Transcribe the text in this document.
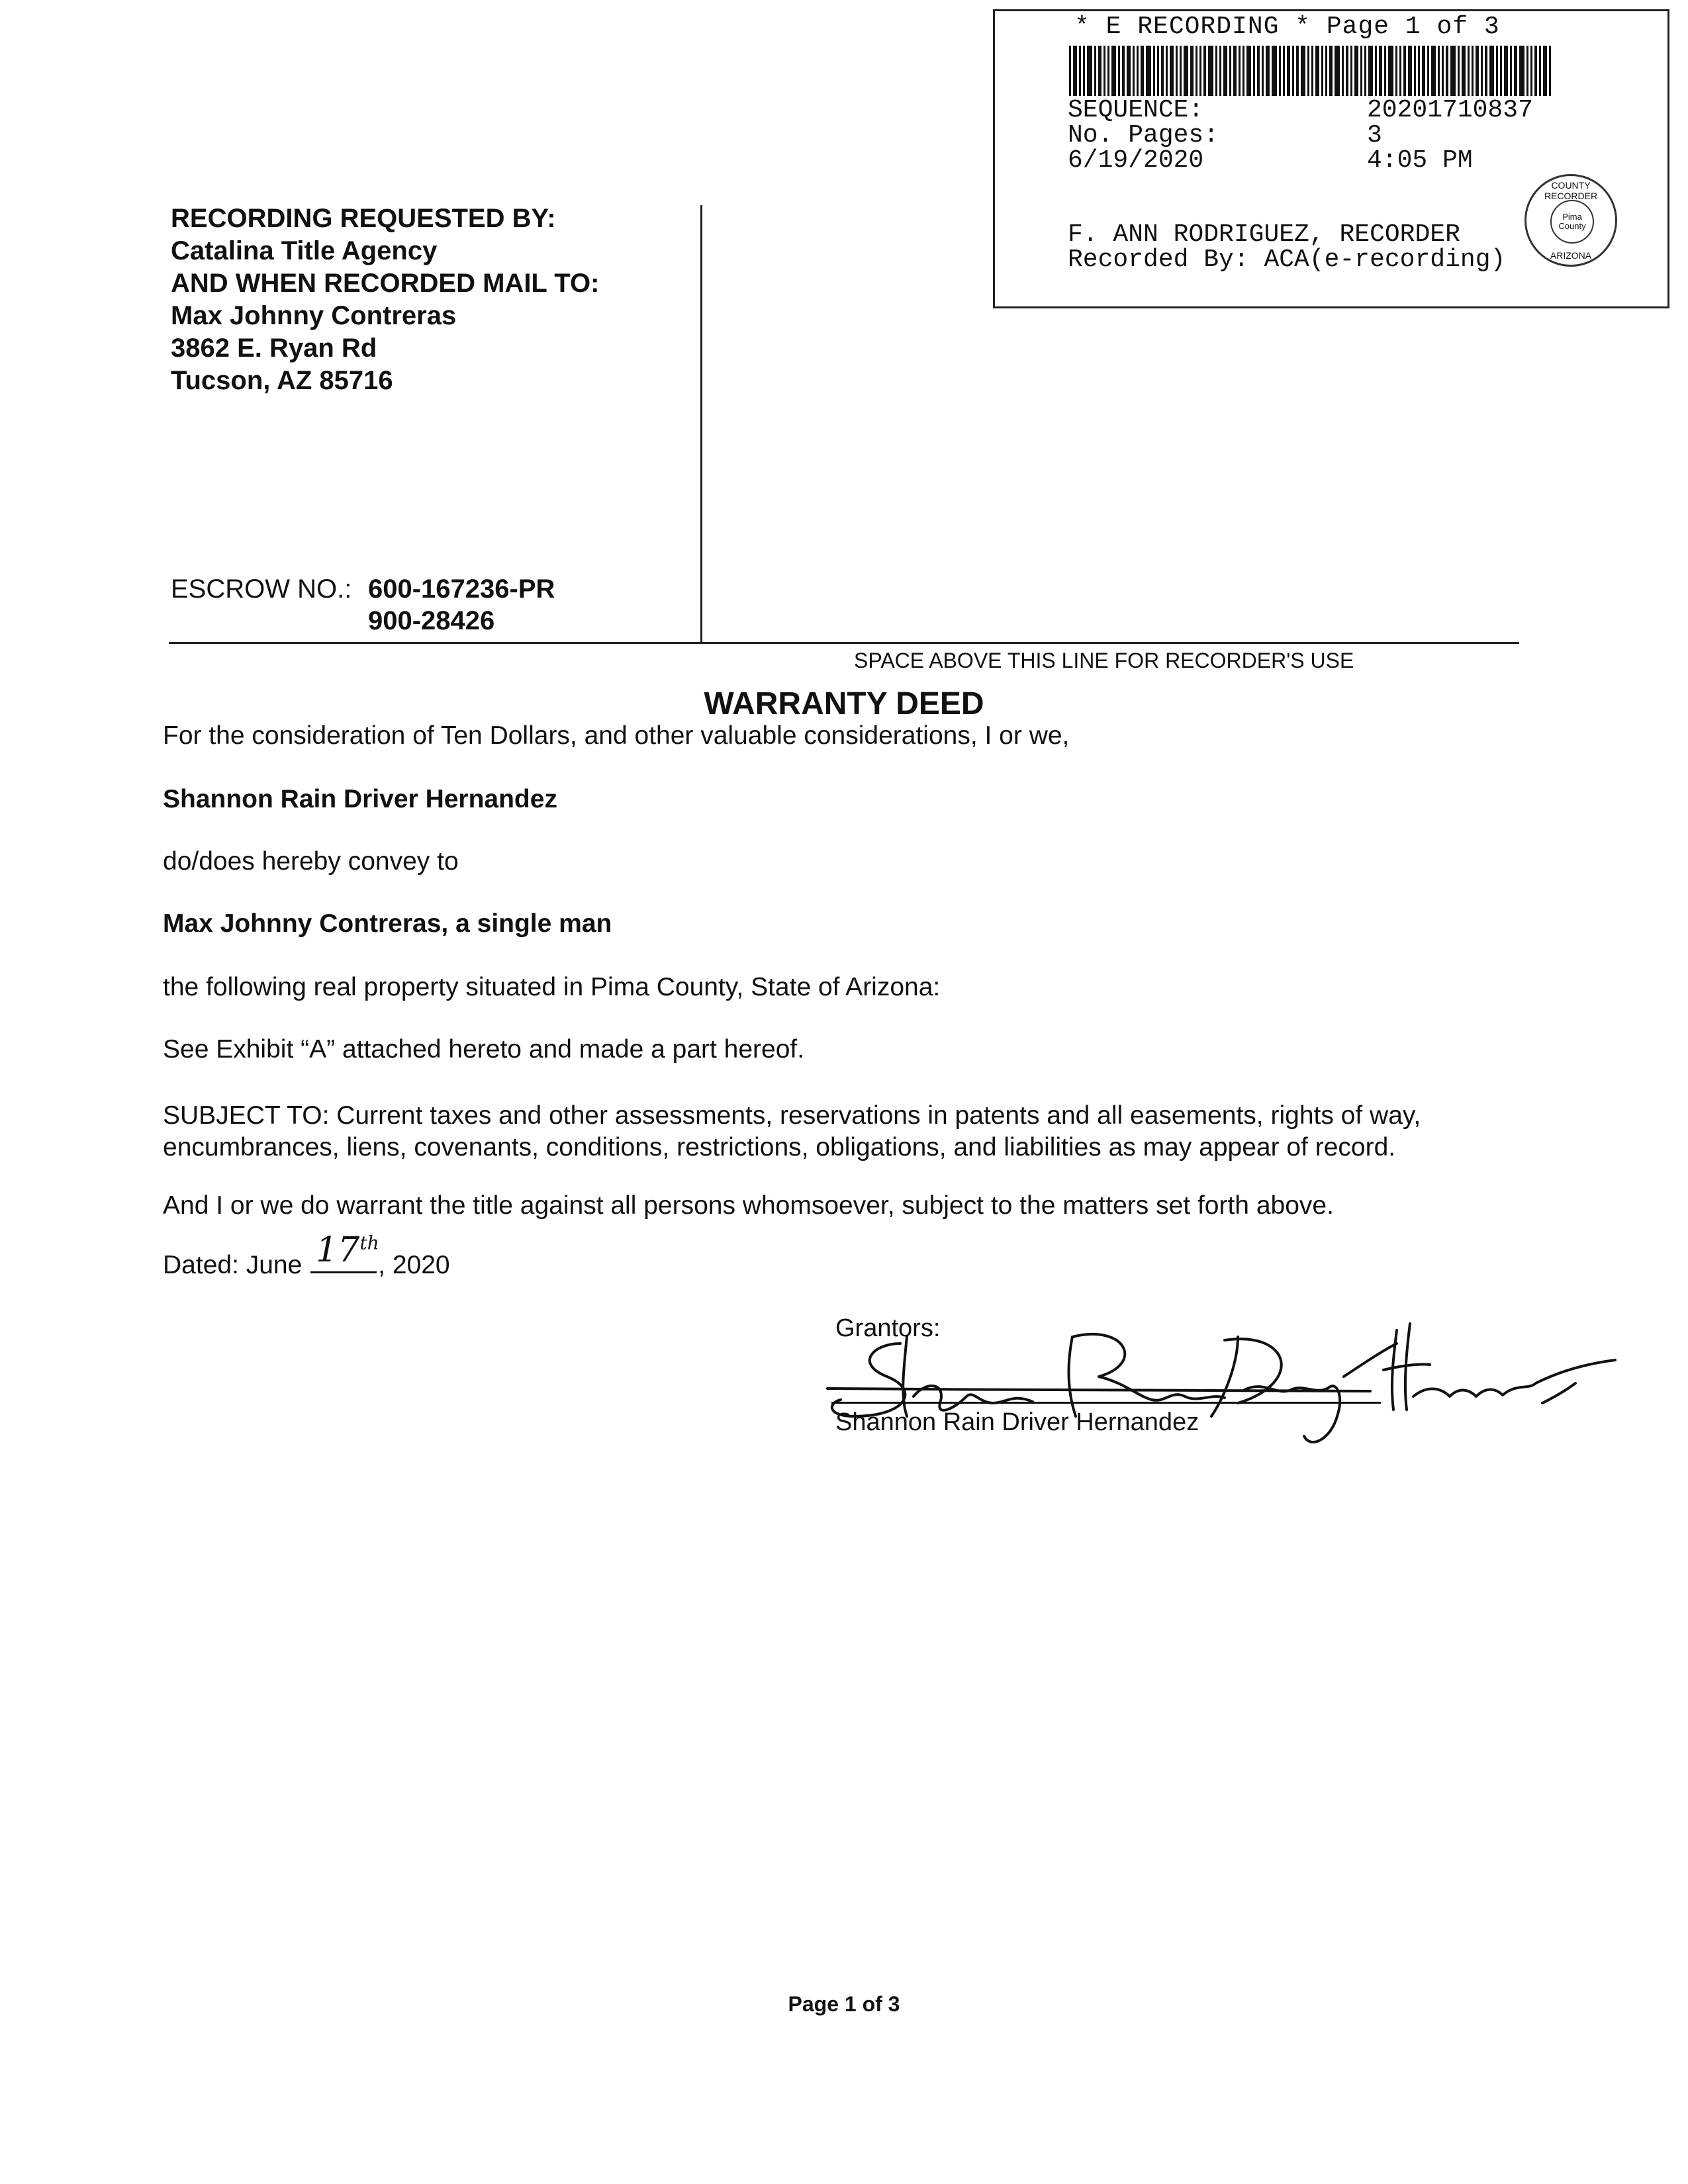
* E RECORDING * Page 1 of 3
SEQUENCE:	20201710837
No. Pages:	3
6/19/2020	4:05 PM
F. ANN RODRIGUEZ, RECORDER
Recorded By: ACA(e-recording)
COUNTY RECORDER
Pima
County
ARIZONA
RECORDING REQUESTED BY:
Catalina Title Agency
AND WHEN RECORDED MAIL TO:
Max Johnny Contreras
3862 E. Ryan Rd
Tucson, AZ 85716
ESCROW NO.: 600-167236-PR
900-28426
SPACE ABOVE THIS LINE FOR RECORDER'S USE
WARRANTY DEED
For the consideration of Ten Dollars, and other valuable considerations, I or we,
Shannon Rain Driver Hernandez
do/does hereby convey to
Max Johnny Contreras, a single man
the following real property situated in Pima County, State of Arizona:
See Exhibit “A” attached hereto and made a part hereof.
SUBJECT TO: Current taxes and other assessments, reservations in patents and all easements, rights of way, encumbrances, liens, covenants, conditions, restrictions, obligations, and liabilities as may appear of record.
And I or we do warrant the title against all persons whomsoever, subject to the matters set forth above.
Dated: June 17th
, 2020
Grantors:
Shannon Rain Driver Hernandez
Page 1 of 3
